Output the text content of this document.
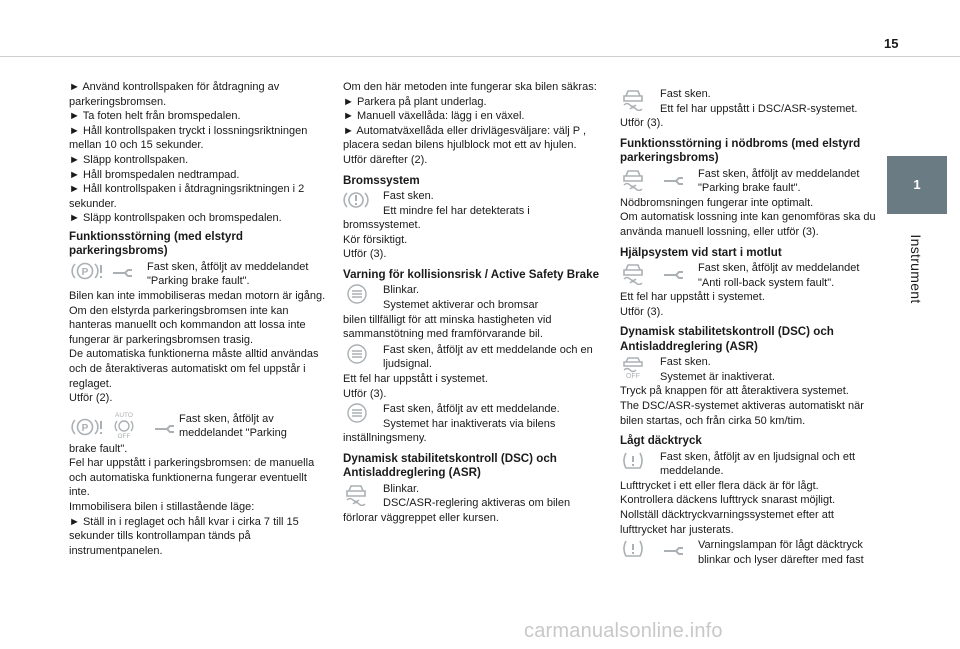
15
1
Instrument

► Använd kontrollspaken för åtdragning av parkeringsbromsen.

► Ta foten helt från bromspedalen.

► Håll kontrollspaken tryckt i lossningsriktningen mellan 10 och 15 sekunder.

► Släpp kontrollspaken.

► Håll bromspedalen nedtrampad.

► Håll kontrollspaken i åtdragningsriktningen i 2 sekunder.

► Släpp kontrollspaken och bromspedalen.

Funktionsstörning (med elstyrd parkeringsbroms)
P	Fast sken, åtföljt av meddelandet "Parking brake fault".

Bilen kan inte immobiliseras medan motorn är igång.
Om den elstyrda parkeringsbromsen inte kan hanteras manuellt och kommandon att lossa inte fungerar är parkeringsbromsen trasig.
De automatiska funktionerna måste alltid användas och de återaktiveras automatiskt om fel uppstår i reglaget.
Utför (2).

P
AUTO
OFF
Fast sken, åtföljt av meddelandet "Parking

brake fault".

Fel har uppstått i parkeringsbromsen: de manuella och automatiska funktionerna fungerar eventuellt inte.
Immobilisera bilen i stillastående läge:

► Ställ in i reglaget och håll kvar i cirka 7 till 15 sekunder tills kontrollampan tänds på instrumentpanelen.

Om den här metoden inte fungerar ska bilen säkras:

► Parkera på plant underlag.

► Manuell växellåda: lägg i en växel.

► Automatväxellåda eller drivlägesväljare: välj P , placera sedan bilens hjulblock mot ett av hjulen.

Utför därefter (2).

Bromssystem
Fast sken.
Ett mindre fel har detekterats i

bromssystemet.
Kör försiktigt.
Utför (3).

Varning för kollisionsrisk / Active Safety Brake
Blinkar.
Systemet aktiverar och bromsar

bilen tillfälligt för att minska hastigheten vid sammanstötning med framförvarande bil.

Fast sken, åtföljt av ett meddelande och en ljudsignal.

Ett fel har uppstått i systemet.
Utför (3).

Fast sken, åtföljt av ett meddelande.
Systemet har inaktiverats via bilens

inställningsmeny.

Dynamisk stabilitetskontroll (DSC) och Antisladdreglering (ASR)
Blinkar.
DSC/ASR-reglering aktiveras om bilen

förlorar väggreppet eller kursen.

Fast sken.
Ett fel har uppstått i DSC/ASR-systemet.

Utför (3).

Funktionsstörning i nödbroms (med elstyrd parkeringsbroms)
Fast sken, åtföljt av meddelandet "Parking brake fault".

Nödbromsningen fungerar inte optimalt.
Om automatisk lossning inte kan genomföras ska du använda manuell lossning, eller utför (3).

Hjälpsystem vid start i motlut
Fast sken, åtföljt av meddelandet "Anti roll-back system fault".

Ett fel har uppstått i systemet.
Utför (3).

Dynamisk stabilitetskontroll (DSC) och Antisladdreglering (ASR)
OFF
Fast sken.
Systemet är inaktiverat.

Tryck på knappen för att återaktivera systemet.
The DSC/ASR-systemet aktiveras automatiskt när bilen startas, och från cirka 50 km/tim.

Lågt däcktryck
Fast sken, åtföljt av en ljudsignal och ett meddelande.

Lufttrycket i ett eller flera däck är för lågt.
Kontrollera däckens lufttryck snarast möjligt.
Nollställ däcktryckvarningssystemet efter att lufttrycket har justerats.

Varningslampan för lågt däcktryck blinkar och lyser därefter med fast
carmanualsonline.info
